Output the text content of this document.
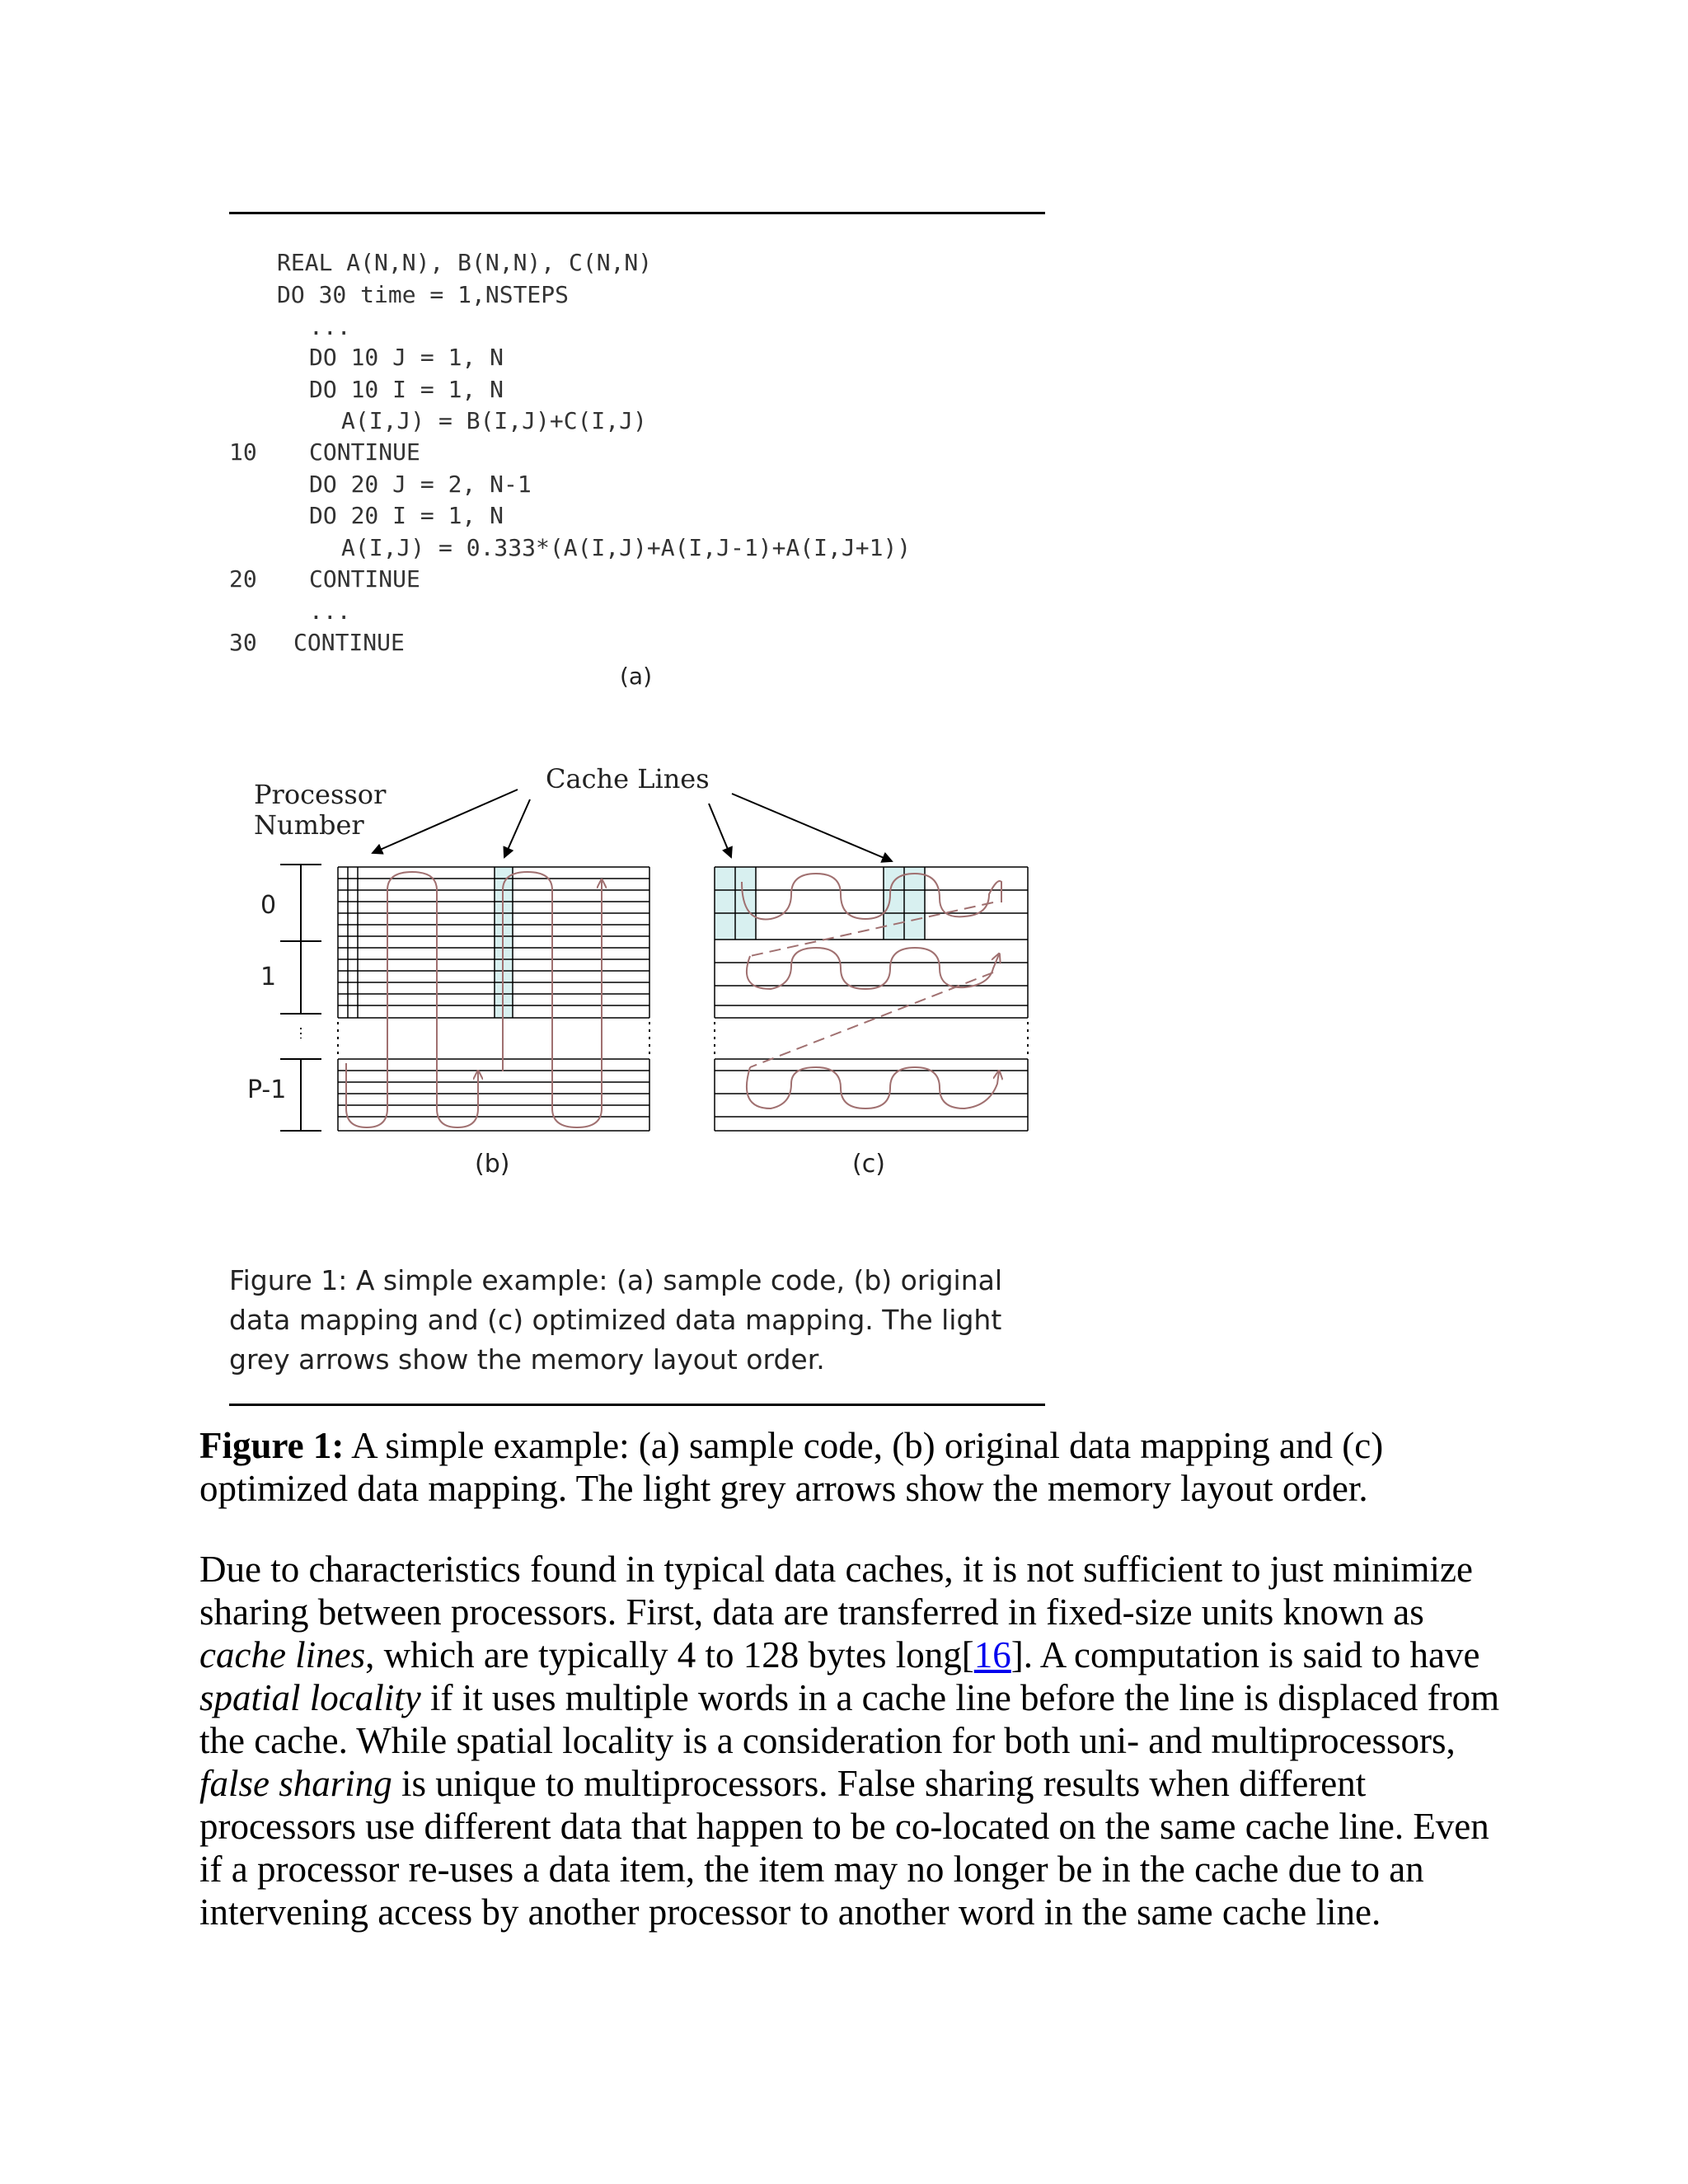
REAL A(N,N), B(N,N), C(N,N)
DO 30 time = 1,NSTEPS
...
DO 10 J = 1, N
DO 10 I = 1, N
A(I,J) = B(I,J)+C(I,J)
10 CONTINUE
DO 20 J = 2, N-1
DO 20 I = 1, N
A(I,J) = 0.333*(A(I,J)+A(I,J-1)+A(I,J+1))
20 CONTINUE
...
30 CONTINUE
(a)
Cache Lines
Processor
Number
0
1
P-1
(b)	(c)
Figure 1: A simple example: (a) sample code, (b) original data mapping and (c) optimized data mapping. The light grey arrows show the memory layout order.
Figure 1: A simple example: (a) sample code, (b) original data mapping and (c) optimized data mapping. The light grey arrows show the memory layout order.

Due to characteristics found in typical data caches, it is not sufficient to just minimize sharing between processors. First, data are transferred in fixed-size units known as cache lines, which are typically 4 to 128 bytes long[16]. A computation is said to have spatial locality if it uses multiple words in a cache line before the line is displaced from the cache. While spatial locality is a consideration for both uni- and multiprocessors, false sharing is unique to multiprocessors. False sharing results when different processors use different data that happen to be co-located on the same cache line. Even if a processor re-uses a data item, the item may no longer be in the cache due to an intervening access by another processor to another word in the same cache line.
